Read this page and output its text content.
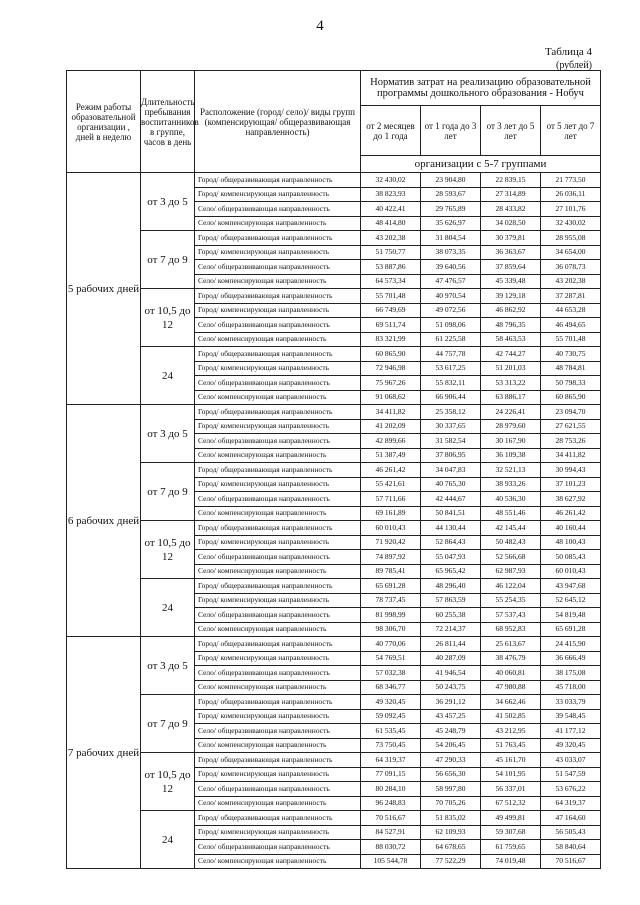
4
Таблица 4
(рублей)
Режим работы образовательной организации , дней в неделю	Длительность пребывания воспитанников в группе, часов в день	Расположение (город/ село)/ виды групп (компенсирующая/ общеразвивающая направленность)	Норматив затрат на реализацию образовательной программы дошкольного образования - Нобуч			
			от 2 месяцев до 1 года	от 1 года до 3 лет	от 3 лет до 5 лет	от 5 лет до 7 лет
			организации с 5-7 группами			
5 рабочих дней	от 3 до 5	Город/ общеразвивающая направленность	32 430,02	23 904,80	22 839,15	21 773,50
		Город/ компенсирующая направленность	38 823,93	28 593,67	27 314,89	26 036,11
		Село/ общеразвивающая направленность	40 422,41	29 765,89	28 433,82	27 101,76
		Село/ компенсирующая направленность	48 414,80	35 626,97	34 028,50	32 430,02
	от 7 до 9	Город/ общеразвивающая направленность	43 202,38	31 804,54	30 379,81	28 955,08
		Город/ компенсирующая направленность	51 750,77	38 073,35	36 363,67	34 654,00
		Село/ общеразвивающая направленность	53 887,86	39 640,56	37 859,64	36 078,73
		Село/ компенсирующая направленность	64 573,34	47 476,57	45 339,48	43 202,38
	от 10,5 до 12	Город/ общеразвивающая направленность	55 701,48	40 970,54	39 129,18	37 287,81
		Город/ компенсирующая направленность	66 749,69	49 072,56	46 862,92	44 653,28
		Село/ общеразвивающая направленность	69 511,74	51 098,06	48 796,35	46 494,65
		Село/ компенсирующая направленность	83 321,99	61 225,58	58 463,53	55 701,48
	24	Город/ общеразвивающая направленность	60 865,90	44 757,78	42 744,27	40 730,75
		Город/ компенсирующая направленность	72 946,98	53 617,25	51 201,03	48 784,81
		Село/ общеразвивающая направленность	75 967,26	55 832,11	53 313,22	50 798,33
		Село/ компенсирующая направленность	91 068,62	66 906,44	63 886,17	60 865,90
6 рабочих дней	от 3 до 5	Город/ общеразвивающая направленность	34 411,82	25 358,12	24 226,41	23 094,70
		Город/ компенсирующая направленность	41 202,09	30 337,65	28 979,60	27 621,55
		Село/ общеразвивающая направленность	42 899,66	31 582,54	30 167,90	28 753,26
		Село/ компенсирующая направленность	51 387,49	37 806,95	36 109,38	34 411,82
	от 7 до 9	Город/ общеразвивающая направленность	46 261,42	34 047,83	32 521,13	30 994,43
		Город/ компенсирующая направленность	55 421,61	40 765,30	38 933,26	37 101,23
		Село/ общеразвивающая направленность	57 711,66	42 444,67	40 536,30	38 627,92
		Село/ компенсирующая направленность	69 161,89	50 841,51	48 551,46	46 261,42
	от 10,5 до 12	Город/ общеразвивающая направленность	60 010,43	44 130,44	42 145,44	40 160,44
		Город/ компенсирующая направленность	71 920,42	52 864,43	50 482,43	48 100,43
		Село/ общеразвивающая направленность	74 897,92	55 047,93	52 566,68	50 085,43
		Село/ компенсирующая направленность	89 785,41	65 965,42	62 987,93	60 010,43
	24	Город/ общеразвивающая направленность	65 691,28	48 296,40	46 122,04	43 947,68
		Город/ компенсирующая направленность	78 737,45	57 863,59	55 254,35	52 645,12
		Село/ общеразвивающая направленность	81 998,99	60 255,38	57 537,43	54 819,48
		Село/ компенсирующая направленность	98 306,70	72 214,37	68 952,83	65 691,28
7 рабочих дней	от 3 до 5	Город/ общеразвивающая направленность	40 770,06	26 811,44	25 613,67	24 415,90
		Город/ компенсирующая направленность	54 769,51	40 287,09	38 476,79	36 666,49
		Село/ общеразвивающая направленность	57 032,38	41 946,54	40 060,81	38 175,08
		Село/ компенсирующая направленность	68 346,77	50 243,75	47 980,88	45 718,00
	от 7 до 9	Город/ общеразвивающая направленность	49 320,45	36 291,12	34 662,46	33 033,79
		Город/ компенсирующая направленность	59 092,45	43 457,25	41 502,85	39 548,45
		Село/ общеразвивающая направленность	61 535,45	45 248,79	43 212,95	41 177,12
		Село/ компенсирующая направленность	73 750,45	54 206,45	51 763,45	49 320,45
	от 10,5 до 12	Город/ общеразвивающая направленность	64 319,37	47 290,33	45 161,70	43 033,07
		Город/ компенсирующая направленность	77 091,15	56 656,30	54 101,95	51 547,59
		Село/ общеразвивающая направленность	80 284,10	58 997,80	56 337,01	53 676,22
		Село/ компенсирующая направленность	96 248,83	70 705,26	67 512,32	64 319,37
	24	Город/ общеразвивающая направленность	70 516,67	51 835,02	49 499,81	47 164,60
		Город/ компенсирующая направленность	84 527,91	62 109,93	59 307,68	56 505,43
		Село/ общеразвивающая направленность	88 030,72	64 678,65	61 759,65	58 840,64
		Село/ компенсирующая направленность	105 544,78	77 522,29	74 019,48	70 516,67
